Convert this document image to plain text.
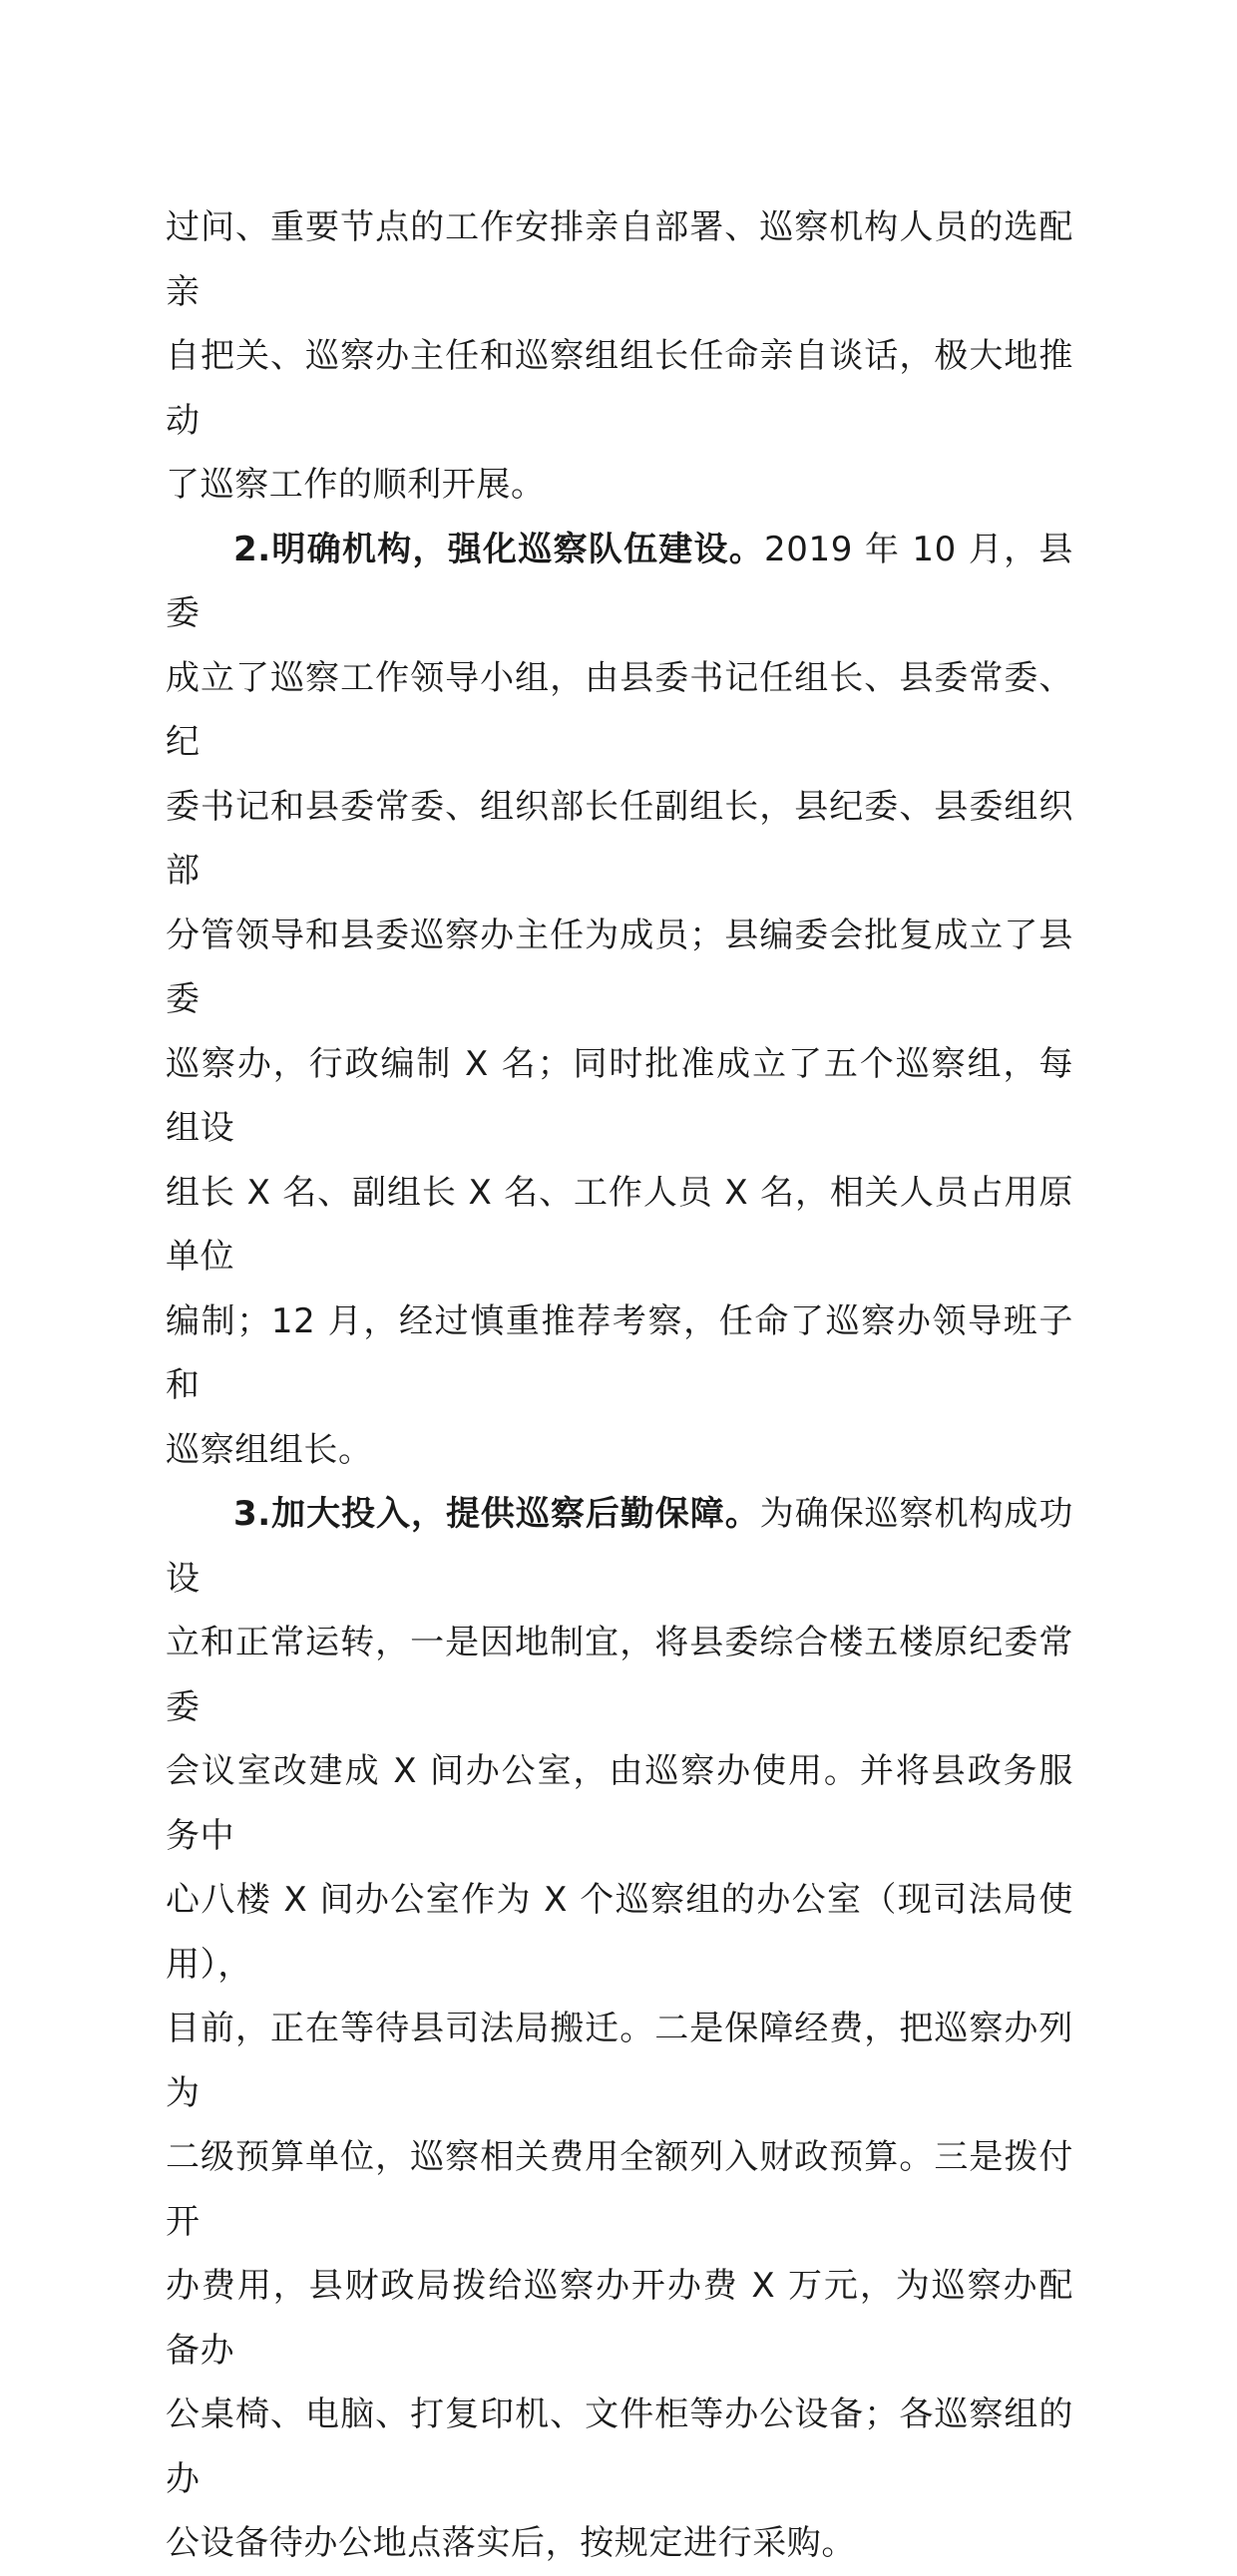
过问、重要节点的工作安排亲自部署、巡察机构人员的选配亲
自把关、巡察办主任和巡察组组长任命亲自谈话，极大地推动
了巡察工作的顺利开展。
2.明确机构，强化巡察队伍建设。2019 年 10 月，县委
成立了巡察工作领导小组，由县委书记任组长、县委常委、纪
委书记和县委常委、组织部长任副组长，县纪委、县委组织部
分管领导和县委巡察办主任为成员；县编委会批复成立了县委
巡察办，行政编制 X 名；同时批准成立了五个巡察组，每组设
组长 X 名、副组长 X 名、工作人员 X 名，相关人员占用原单位
编制；12 月，经过慎重推荐考察，任命了巡察办领导班子和
巡察组组长。
3.加大投入，提供巡察后勤保障。为确保巡察机构成功设
立和正常运转，一是因地制宜，将县委综合楼五楼原纪委常委
会议室改建成 X 间办公室，由巡察办使用。并将县政务服务中
心八楼 X 间办公室作为 X 个巡察组的办公室（现司法局使用），
目前，正在等待县司法局搬迁。二是保障经费，把巡察办列为
二级预算单位，巡察相关费用全额列入财政预算。三是拨付开
办费用，县财政局拨给巡察办开办费 X 万元，为巡察办配备办
公桌椅、电脑、打复印机、文件柜等办公设备；各巡察组的办
公设备待办公地点落实后，按规定进行采购。
